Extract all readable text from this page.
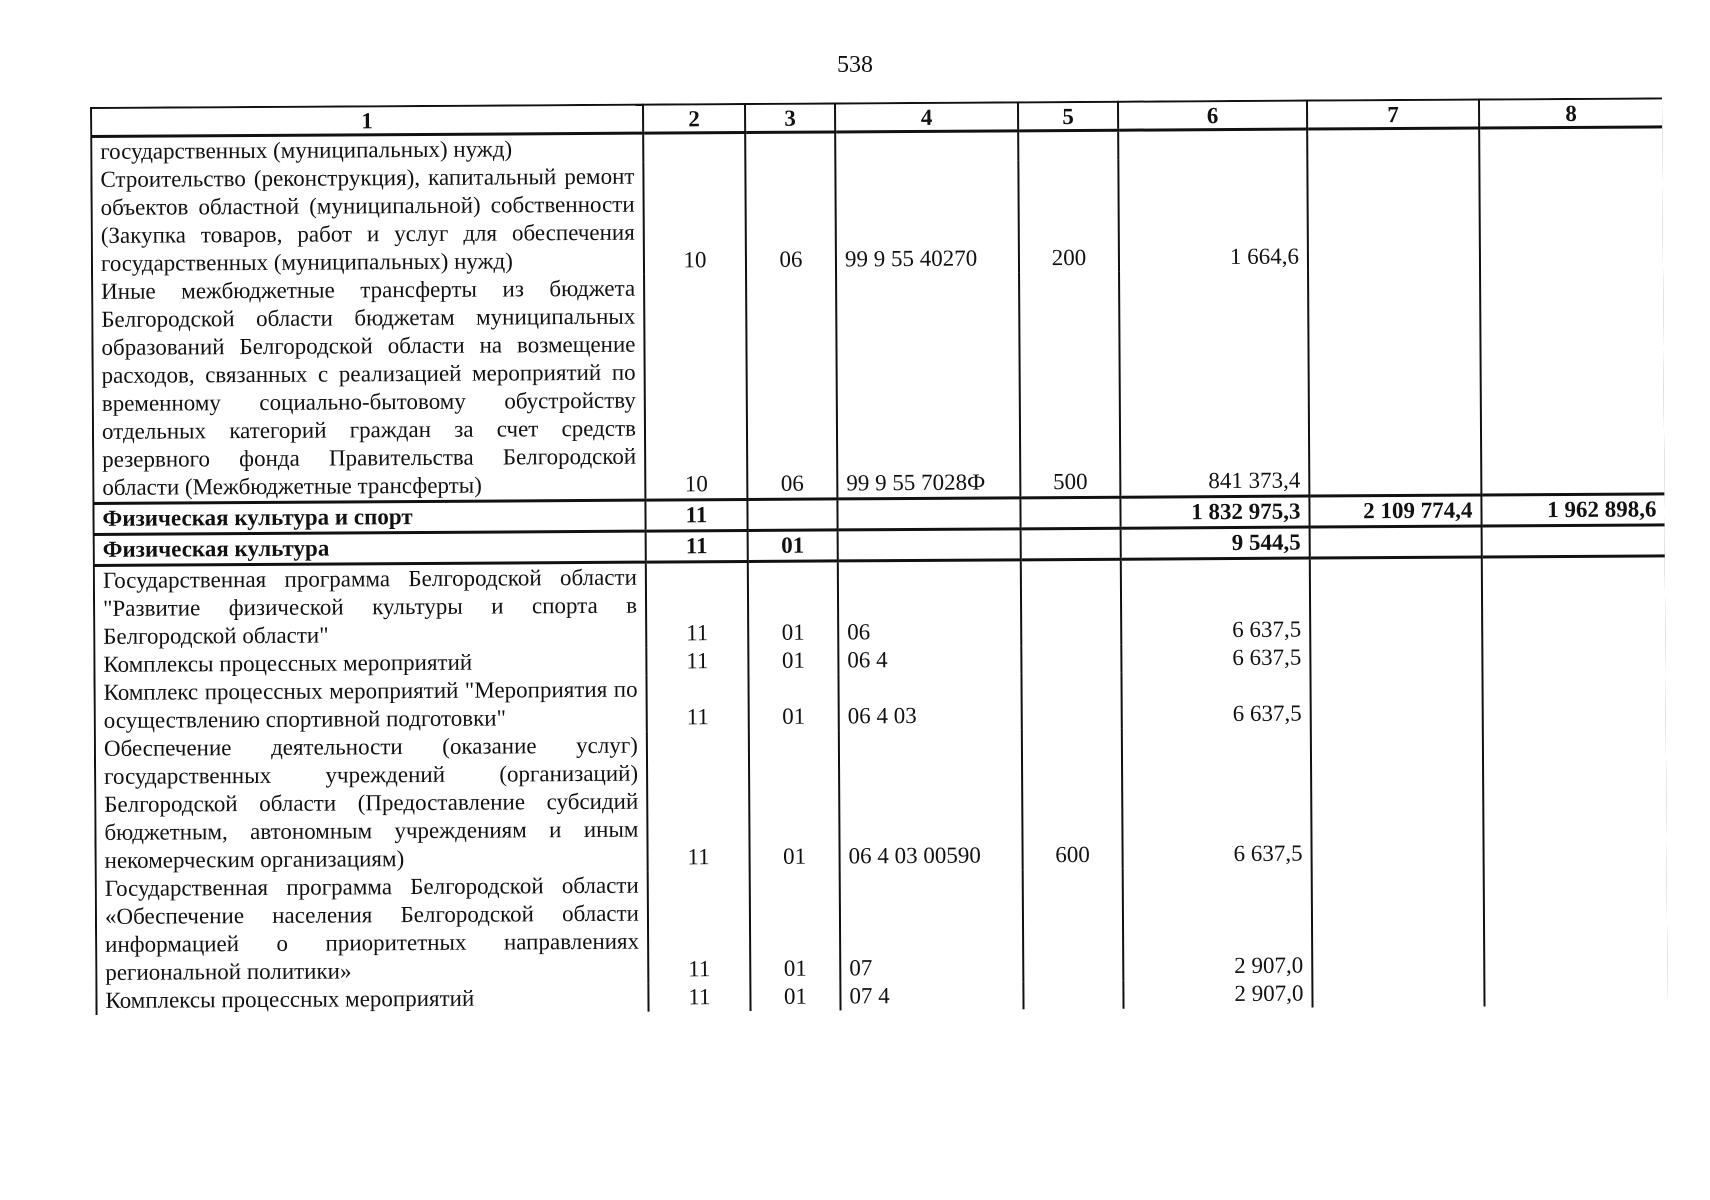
538
1	2	3	4	5	6	7	8
государственных (муниципальных) нужд)							
Строительство (реконструкция), капитальный ремонт объектов областной (муниципальной) собственности (Закупка товаров, работ и услуг для обеспечения государственных (муниципальных) нужд)	10	06	99 9 55 40270	200	1 664,6		
Иные межбюджетные трансферты из бюджета Белгородской области бюджетам муниципальных образований Белгородской области на возмещение расходов, связанных с реализацией мероприятий по временному социально-бытовому обустройству отдельных категорий граждан за счет средств резервного фонда Правительства Белгородской области (Межбюджетные трансферты)	10	06	99 9 55 7028Ф	500	841 373,4		
Физическая культура и спорт	11				1 832 975,3	2 109 774,4	1 962 898,6
Физическая культура	11	01			9 544,5		
Государственная программа Белгородской области "Развитие физической культуры и спорта в Белгородской области"	11	01	06		6 637,5		
Комплексы процессных мероприятий	11	01	06 4		6 637,5		
Комплекс процессных мероприятий "Мероприятия по осуществлению спортивной подготовки"	11	01	06 4 03		6 637,5		
Обеспечение деятельности (оказание услуг) государственных учреждений (организаций) Белгородской области (Предоставление субсидий бюджетным, автономным учреждениям и иным некомерческим организациям)	11	01	06 4 03 00590	600	6 637,5		
Государственная программа Белгородской области «Обеспечение населения Белгородской области информацией о приоритетных направлениях региональной политики»	11	01	07		2 907,0		
Комплексы процессных мероприятий	11	01	07 4		2 907,0		
